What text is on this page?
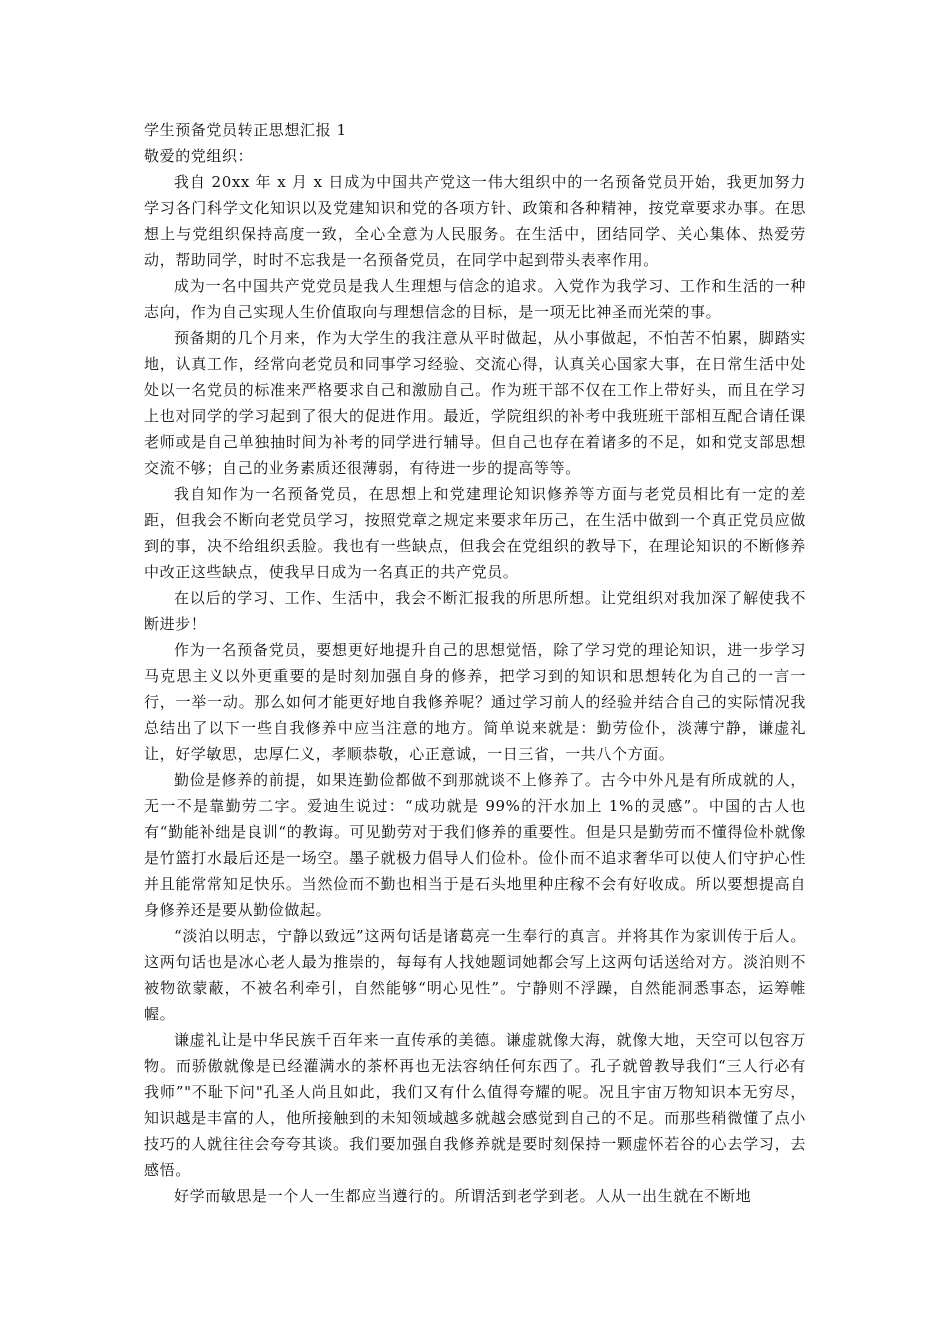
学生预备党员转正思想汇报 1

敬爱的党组织：

我自 20xx 年 x 月 x 日成为中国共产党这一伟大组织中的一名预备党员开始，我更加努力学习各门科学文化知识以及党建知识和党的各项方针、政策和各种精神，按党章要求办事。在思想上与党组织保持高度一致，全心全意为人民服务。在生活中，团结同学、关心集体、热爱劳动，帮助同学，时时不忘我是一名预备党员，在同学中起到带头表率作用。

成为一名中国共产党党员是我人生理想与信念的追求。入党作为我学习、工作和生活的一种志向，作为自己实现人生价值取向与理想信念的目标，是一项无比神圣而光荣的事。

预备期的几个月来，作为大学生的我注意从平时做起，从小事做起，不怕苦不怕累，脚踏实地，认真工作，经常向老党员和同事学习经验、交流心得，认真关心国家大事，在日常生活中处处以一名党员的标准来严格要求自己和激励自己。作为班干部不仅在工作上带好头，而且在学习上也对同学的学习起到了很大的促进作用。最近，学院组织的补考中我班班干部相互配合请任课老师或是自己单独抽时间为补考的同学进行辅导。但自己也存在着诸多的不足，如和党支部思想交流不够；自己的业务素质还很薄弱，有待进一步的提高等等。

我自知作为一名预备党员，在思想上和党建理论知识修养等方面与老党员相比有一定的差距，但我会不断向老党员学习，按照党章之规定来要求年历己，在生活中做到一个真正党员应做到的事，决不给组织丢脸。我也有一些缺点，但我会在党组织的教导下，在理论知识的不断修养中改正这些缺点，使我早日成为一名真正的共产党员。

在以后的学习、工作、生活中，我会不断汇报我的所思所想。让党组织对我加深了解使我不断进步！

作为一名预备党员，要想更好地提升自己的思想觉悟，除了学习党的理论知识，进一步学习马克思主义以外更重要的是时刻加强自身的修养，把学习到的知识和思想转化为自己的一言一行，一举一动。那么如何才能更好地自我修养呢？通过学习前人的经验并结合自己的实际情况我总结出了以下一些自我修养中应当注意的地方。简单说来就是：勤劳俭仆，淡薄宁静，谦虚礼让，好学敏思，忠厚仁义，孝顺恭敬，心正意诚，一日三省，一共八个方面。

勤俭是修养的前提，如果连勤俭都做不到那就谈不上修养了。古今中外凡是有所成就的人，无一不是靠勤劳二字。爱迪生说过：“成功就是 99%的汗水加上 1%的灵感”。中国的古人也有“勤能补绌是良训“的教诲。可见勤劳对于我们修养的重要性。但是只是勤劳而不懂得俭朴就像是竹篮打水最后还是一场空。墨子就极力倡导人们俭朴。俭仆而不追求奢华可以使人们守护心性并且能常常知足快乐。当然俭而不勤也相当于是石头地里种庄稼不会有好收成。所以要想提高自身修养还是要从勤俭做起。

“淡泊以明志，宁静以致远”这两句话是诸葛亮一生奉行的真言。并将其作为家训传于后人。这两句话也是冰心老人最为推崇的，每每有人找她题词她都会写上这两句话送给对方。淡泊则不被物欲蒙蔽，不被名利牵引，自然能够“明心见性”。宁静则不浮躁，自然能洞悉事态，运筹帷幄。

谦虚礼让是中华民族千百年来一直传承的美德。谦虚就像大海，就像大地，天空可以包容万物。而骄傲就像是已经灌满水的茶杯再也无法容纳任何东西了。孔子就曾教导我们“三人行必有我师”"不耻下问"孔圣人尚且如此，我们又有什么值得夸耀的呢。况且宇宙万物知识本无穷尽，知识越是丰富的人，他所接触到的未知领域越多就越会感觉到自己的不足。而那些稍微懂了点小技巧的人就往往会夸夸其谈。我们要加强自我修养就是要时刻保持一颗虚怀若谷的心去学习，去感悟。

好学而敏思是一个人一生都应当遵行的。所谓活到老学到老。人从一出生就在不断地
